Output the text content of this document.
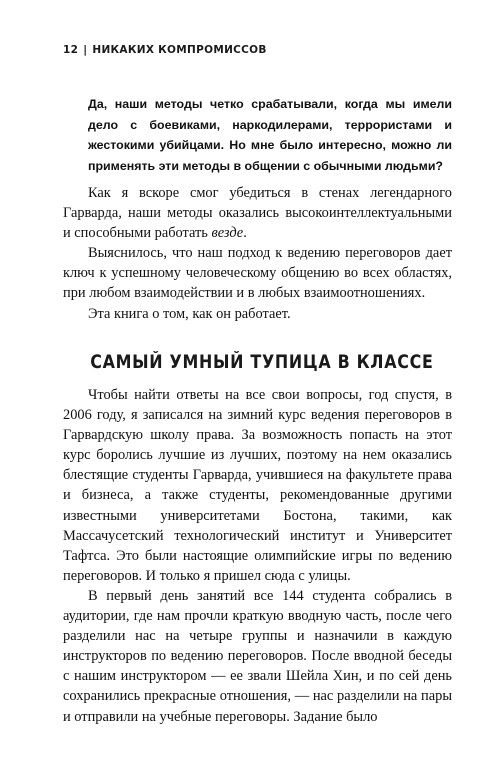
12 | НИКАКИХ КОМПРОМИССОВ
Да, наши методы четко срабатывали, когда мы имели дело с боевиками, наркодилерами, террористами и жестокими убийцами. Но мне было интересно, можно ли применять эти методы в общении с обычными людьми?

Как я вскоре смог убедиться в стенах легендарного Гарварда, наши методы оказались высокоинтеллектуальными и способными работать везде.

Выяснилось, что наш подход к ведению переговоров дает ключ к успешному человеческому общению во всех областях, при любом взаимодействии и в любых взаимоотношениях.

Эта книга о том, как он работает.

САМЫЙ УМНЫЙ ТУПИЦА В КЛАССЕ

Чтобы найти ответы на все свои вопросы, год спустя, в 2006 году, я записался на зимний курс ведения переговоров в Гарвардскую школу права. За возможность попасть на этот курс боролись лучшие из лучших, поэтому на нем оказались блестящие студенты Гарварда, учившиеся на факультете права и бизнеса, а также студенты, рекомендованные другими известными университетами Бостона, такими, как Массачусетский технологический институт и Университет Тафтса. Это были настоящие олимпийские игры по ведению переговоров. И только я пришел сюда с улицы.

В первый день занятий все 144 студента собрались в аудитории, где нам прочли краткую вводную часть, после чего разделили нас на четыре группы и назначили в каждую инструкторов по ведению переговоров. После вводной беседы с нашим инструктором — ее звали Шейла Хин, и по сей день сохранились прекрасные отношения, — нас разделили на пары и отправили на учебные переговоры. Задание было
